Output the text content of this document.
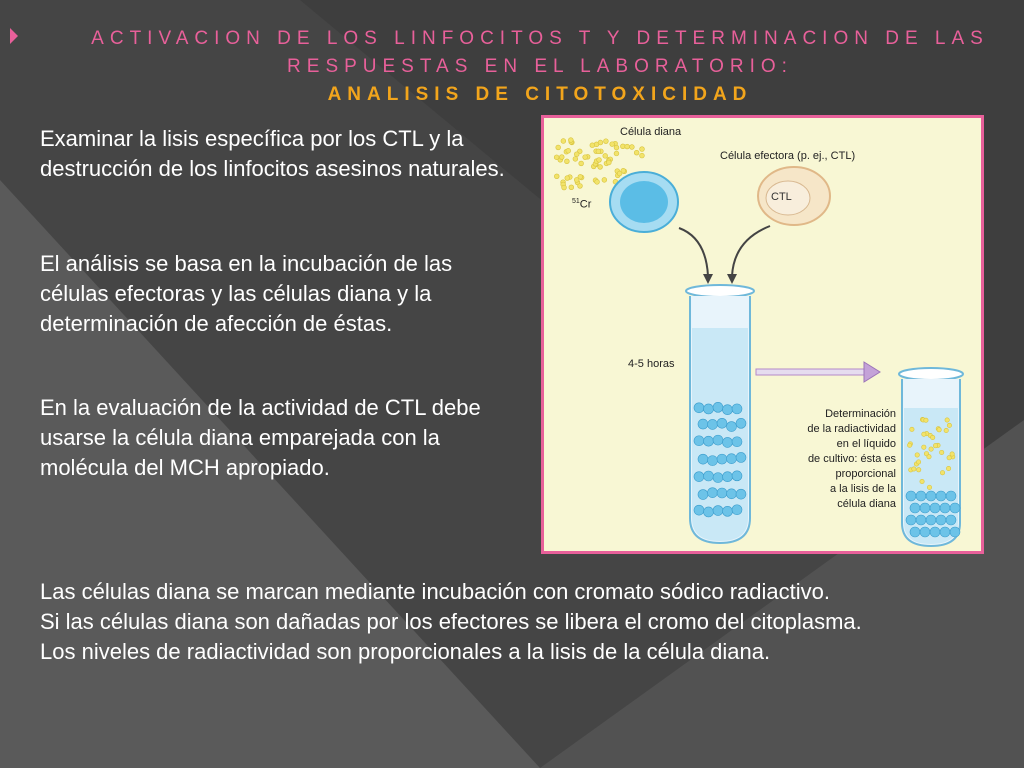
ACTIVACION DE LOS LINFOCITOS T Y DETERMINACION DE LAS

RESPUESTAS EN EL LABORATORIO:

ANALISIS DE CITOTOXICIDAD

Examinar la lisis específica por los CTL y la destrucción de los linfocitos asesinos naturales.

El análisis se basa en la incubación de las células efectoras y las células diana y la determinación de afección de éstas.

En la evaluación de la actividad de CTL debe usarse la célula diana emparejada con la molécula del MCH apropiado.

Las células diana se marcan mediante incubación con cromato sódico radiactivo.
Si las células diana son dañadas por los efectores se libera el cromo del citoplasma.
Los niveles de radiactividad son proporcionales a la lisis de la célula diana.

Célula diana

Célula efectora (p. ej., CTL)

$^{51}$Cr

CTL

4-5 horas

Determinación
de la radiactividad
en el líquido
de cultivo: ésta es
proporcional
a la lisis de la
célula diana
